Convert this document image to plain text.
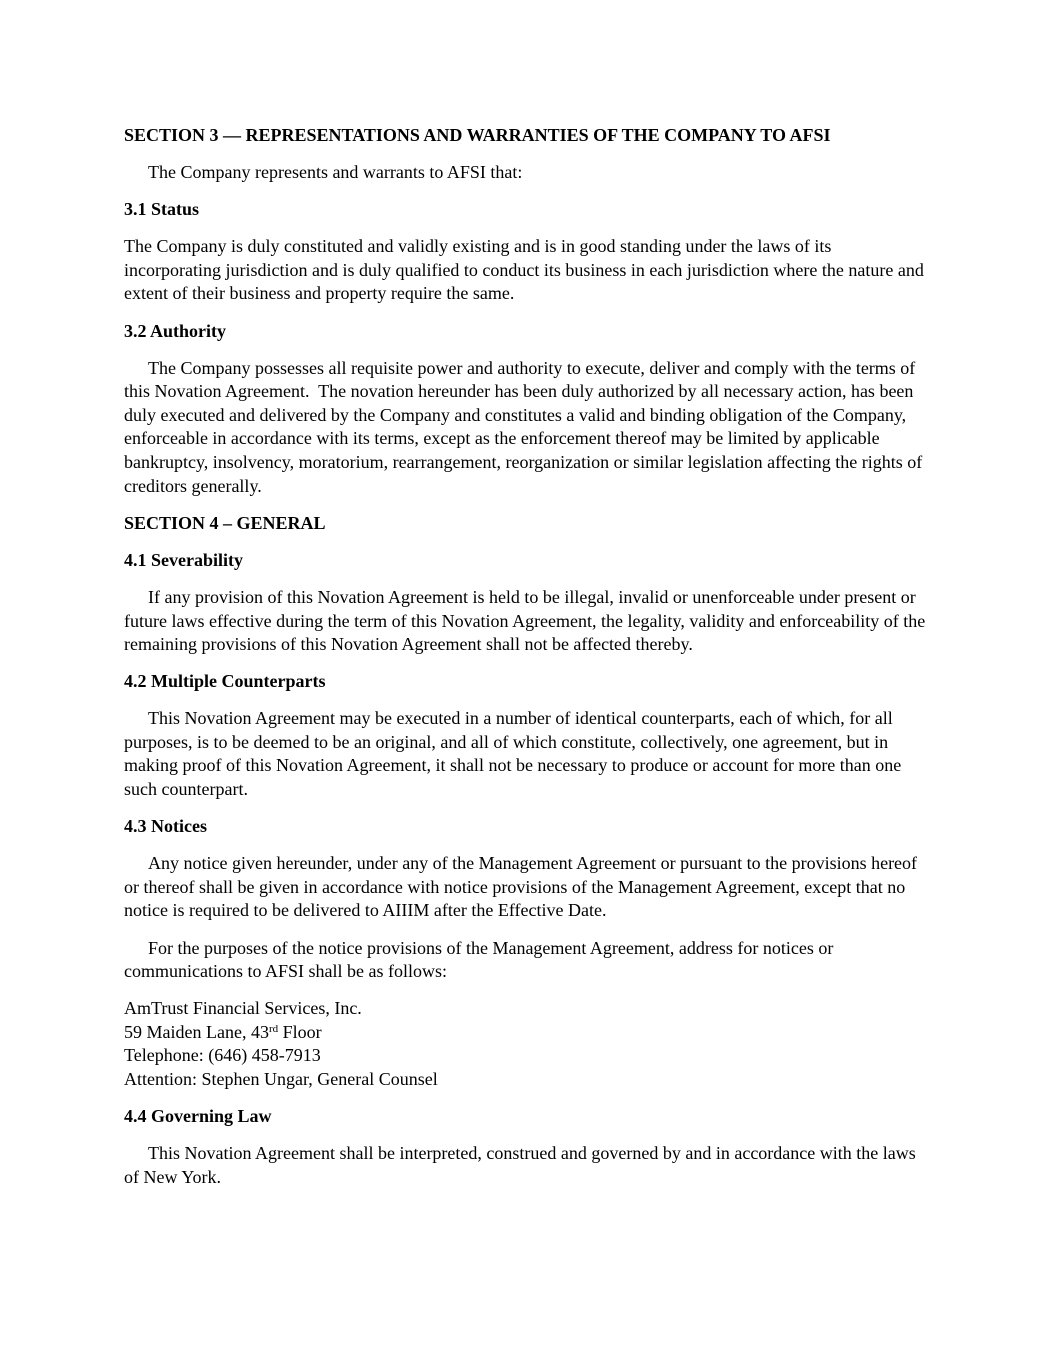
SECTION 3 — REPRESENTATIONS AND WARRANTIES OF THE COMPANY TO AFSI
The Company represents and warrants to AFSI that:
3.1 Status
The Company is duly constituted and validly existing and is in good standing under the laws of its incorporating jurisdiction and is duly qualified to conduct its business in each jurisdiction where the nature and extent of their business and property require the same.
3.2 Authority
The Company possesses all requisite power and authority to execute, deliver and comply with the terms of this Novation Agreement.  The novation hereunder has been duly authorized by all necessary action, has been duly executed and delivered by the Company and constitutes a valid and binding obligation of the Company, enforceable in accordance with its terms, except as the enforcement thereof may be limited by applicable bankruptcy, insolvency, moratorium, rearrangement, reorganization or similar legislation affecting the rights of creditors generally.
SECTION 4 – GENERAL
4.1 Severability
If any provision of this Novation Agreement is held to be illegal, invalid or unenforceable under present or future laws effective during the term of this Novation Agreement, the legality, validity and enforceability of the remaining provisions of this Novation Agreement shall not be affected thereby.
4.2 Multiple Counterparts
This Novation Agreement may be executed in a number of identical counterparts, each of which, for all purposes, is to be deemed to be an original, and all of which constitute, collectively, one agreement, but in making proof of this Novation Agreement, it shall not be necessary to produce or account for more than one such counterpart.
4.3 Notices
Any notice given hereunder, under any of the Management Agreement or pursuant to the provisions hereof or thereof shall be given in accordance with notice provisions of the Management Agreement, except that no notice is required to be delivered to AIIIM after the Effective Date.
For the purposes of the notice provisions of the Management Agreement, address for notices or communications to AFSI shall be as follows:
AmTrust Financial Services, Inc.
59 Maiden Lane, 43rd Floor
Telephone: (646) 458-7913
Attention: Stephen Ungar, General Counsel
4.4 Governing Law
This Novation Agreement shall be interpreted, construed and governed by and in accordance with the laws of New York.
